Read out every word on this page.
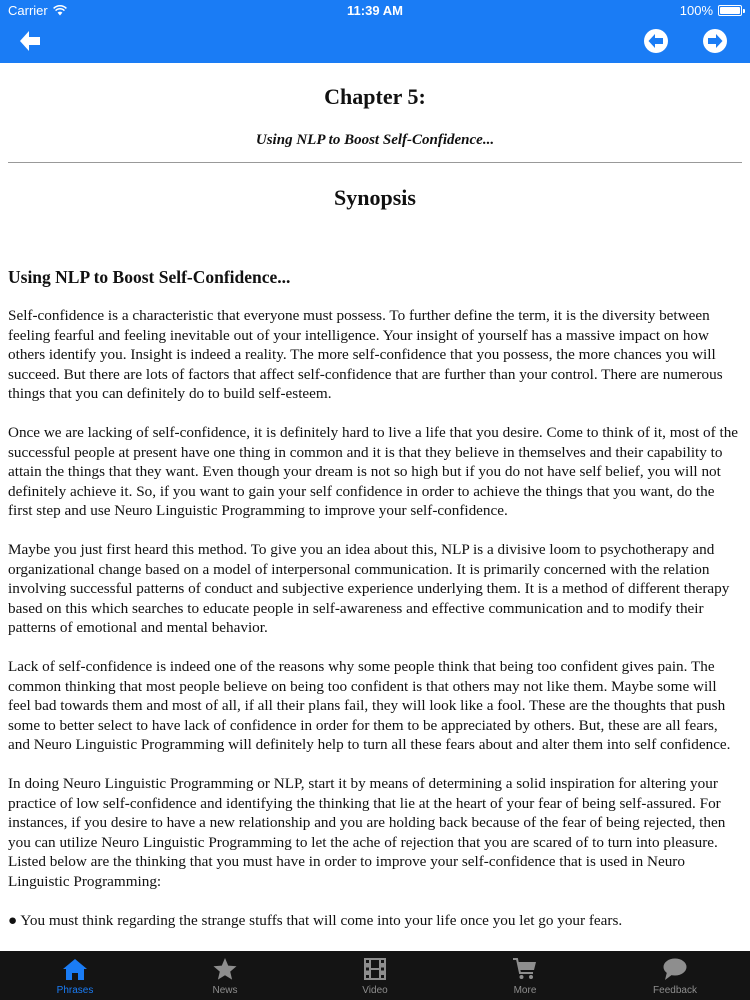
Carrier	11:39 AM	100%
Chapter 5:
Using NLP to Boost Self-Confidence...
Synopsis
Using NLP to Boost Self-Confidence...

Self-confidence is a characteristic that everyone must possess. To further define the term, it is the diversity between feeling fearful and feeling inevitable out of your intelligence. Your insight of yourself has a massive impact on how others identify you. Insight is indeed a reality. The more self-confidence that you possess, the more chances you will succeed. But there are lots of factors that affect self-confidence that are further than your control. There are numerous things that you can definitely do to build self-esteem.

Once we are lacking of self-confidence, it is definitely hard to live a life that you desire. Come to think of it, most of the successful people at present have one thing in common and it is that they believe in themselves and their capability to attain the things that they want. Even though your dream is not so high but if you do not have self belief, you will not definitely achieve it. So, if you want to gain your self confidence in order to achieve the things that you want, do the first step and use Neuro Linguistic Programming to improve your self-confidence.

Maybe you just first heard this method. To give you an idea about this, NLP is a divisive loom to psychotherapy and organizational change based on a model of interpersonal communication. It is primarily concerned with the relation involving successful patterns of conduct and subjective experience underlying them. It is a method of different therapy based on this which searches to educate people in self-awareness and effective communication and to modify their patterns of emotional and mental behavior.

Lack of self-confidence is indeed one of the reasons why some people think that being too confident gives pain. The common thinking that most people believe on being too confident is that others may not like them. Maybe some will feel bad towards them and most of all, if all their plans fail, they will look like a fool. These are the thoughts that push some to better select to have lack of confidence in order for them to be appreciated by others. But, these are all fears, and Neuro Linguistic Programming will definitely help to turn all these fears about and alter them into self confidence.

In doing Neuro Linguistic Programming or NLP, start it by means of determining a solid inspiration for altering your practice of low self-confidence and identifying the thinking that lie at the heart of your fear of being self-assured. For instances, if you desire to have a new relationship and you are holding back because of the fear of being rejected, then you can utilize Neuro Linguistic Programming to let the ache of rejection that you are scared of to turn into pleasure. Listed below are the thinking that you must have in order to improve your self-confidence that is used in Neuro Linguistic Programming:

● You must think regarding the strange stuffs that will come into your life once you let go your fears.

Phrases	News	Video	More	Feedback
